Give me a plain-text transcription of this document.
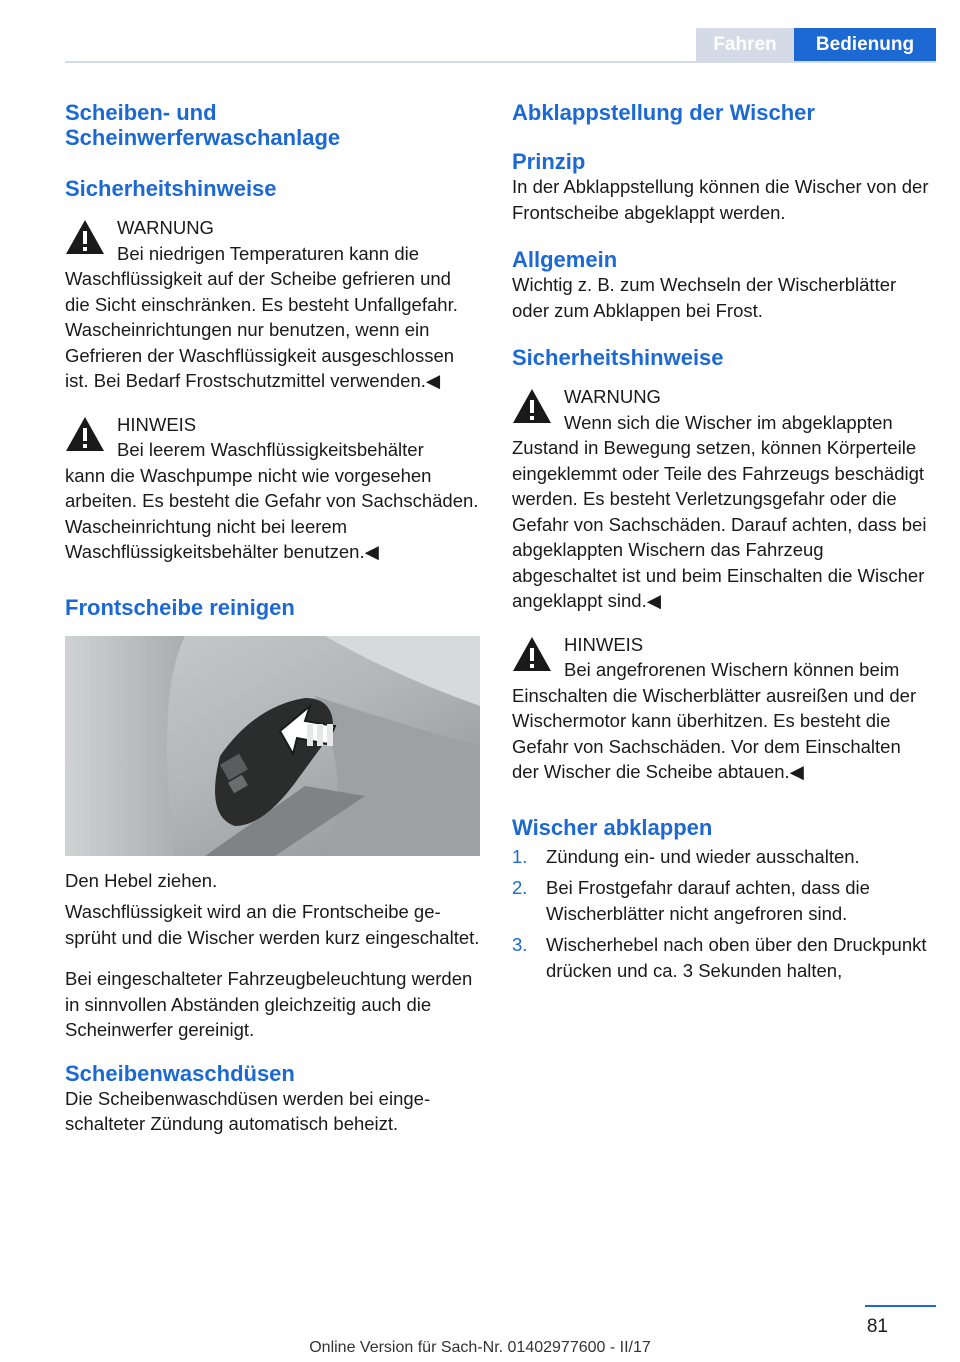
Fahren	Bedienung
Scheiben- und Scheinwerferwaschanlage
Sicherheitshinweise

WARNUNG

Bei niedrigen Temperaturen kann die

Waschflüssigkeit auf der Scheibe gefrieren und die Sicht einschränken. Es besteht Unfallgefahr. Wascheinrichtungen nur benutzen, wenn ein Gefrieren der Waschflüssigkeit ausgeschlossen ist. Bei Bedarf Frostschutzmittel verwenden.◀

HINWEIS

Bei leerem Waschflüssigkeitsbehälter

kann die Waschpumpe nicht wie vorgesehen arbeiten. Es besteht die Gefahr von Sachschäden. Wascheinrichtung nicht bei leerem Waschflüssigkeitsbehälter benutzen.◀

Frontscheibe reinigen

Den Hebel ziehen.

Waschflüssigkeit wird an die Frontscheibe gesprüht und die Wischer werden kurz eingeschaltet.

Bei eingeschalteter Fahrzeugbeleuchtung werden in sinnvollen Abständen gleichzeitig auch die Scheinwerfer gereinigt.

Scheibenwaschdüsen

Die Scheibenwaschdüsen werden bei eingeschalteter Zündung automatisch beheizt.

Abklappstellung der Wischer
Prinzip

In der Abklappstellung können die Wischer von der Frontscheibe abgeklappt werden.

Allgemein

Wichtig z. B. zum Wechseln der Wischerblätter oder zum Abklappen bei Frost.

Sicherheitshinweise

WARNUNG

Wenn sich die Wischer im abgeklappten

Zustand in Bewegung setzen, können Körperteile eingeklemmt oder Teile des Fahrzeugs beschädigt werden. Es besteht Verletzungsgefahr oder die Gefahr von Sachschäden. Darauf achten, dass bei abgeklappten Wischern das Fahrzeug abgeschaltet ist und beim Einschalten die Wischer angeklappt sind.◀

HINWEIS

Bei angefrorenen Wischern können beim

Einschalten die Wischerblätter ausreißen und der Wischermotor kann überhitzen. Es besteht die Gefahr von Sachschäden. Vor dem Einschalten der Wischer die Scheibe abtauen.◀

Wischer abklappen
1. Zündung ein- und wieder ausschalten.
2. Bei Frostgefahr darauf achten, dass die Wischerblätter nicht angefroren sind.
3. Wischerhebel nach oben über den Druckpunkt drücken und ca. 3 Sekunden halten,
81
Online Version für Sach-Nr. 01402977600 - II/17
